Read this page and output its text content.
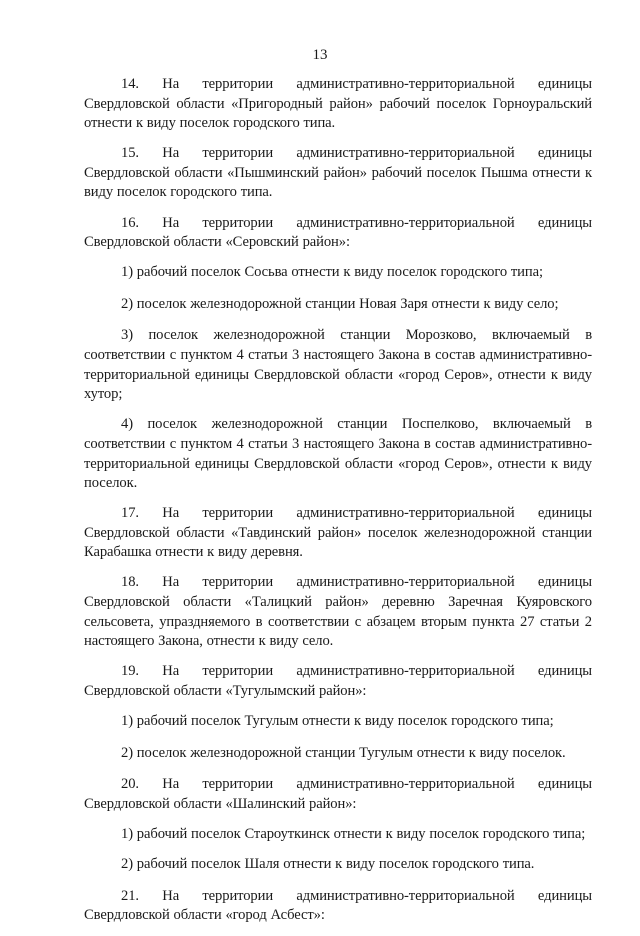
13

14. На территории административно-территориальной единицы Свердловской области «Пригородный район» рабочий поселок Горноуральский отнести к виду поселок городского типа.

15. На территории административно-территориальной единицы Свердловской области «Пышминский район» рабочий поселок Пышма отнести к виду поселок городского типа.

16. На территории административно-территориальной единицы Свердловской области «Серовский район»:

1) рабочий поселок Сосьва отнести к виду поселок городского типа;

2) поселок железнодорожной станции Новая Заря отнести к виду село;

3) поселок железнодорожной станции Морозково, включаемый в соответствии с пунктом 4 статьи 3 настоящего Закона в состав административно-территориальной единицы Свердловской области «город Серов», отнести к виду хутор;

4) поселок железнодорожной станции Поспелково, включаемый в соответствии с пунктом 4 статьи 3 настоящего Закона в состав административно-территориальной единицы Свердловской области «город Серов», отнести к виду поселок.

17. На территории административно-территориальной единицы Свердловской области «Тавдинский район» поселок железнодорожной станции Карабашка отнести к виду деревня.

18. На территории административно-территориальной единицы Свердловской области «Талицкий район» деревню Заречная Куяровского сельсовета, упраздняемого в соответствии с абзацем вторым пункта 27 статьи 2 настоящего Закона, отнести к виду село.

19. На территории административно-территориальной единицы Свердловской области «Тугулымский район»:

1) рабочий поселок Тугулым отнести к виду поселок городского типа;

2) поселок железнодорожной станции Тугулым отнести к виду поселок.

20. На территории административно-территориальной единицы Свердловской области «Шалинский район»:

1) рабочий поселок Староуткинск отнести к виду поселок городского типа;

2) рабочий поселок Шаля отнести к виду поселок городского типа.

21. На территории административно-территориальной единицы Свердловской области «город Асбест»:
